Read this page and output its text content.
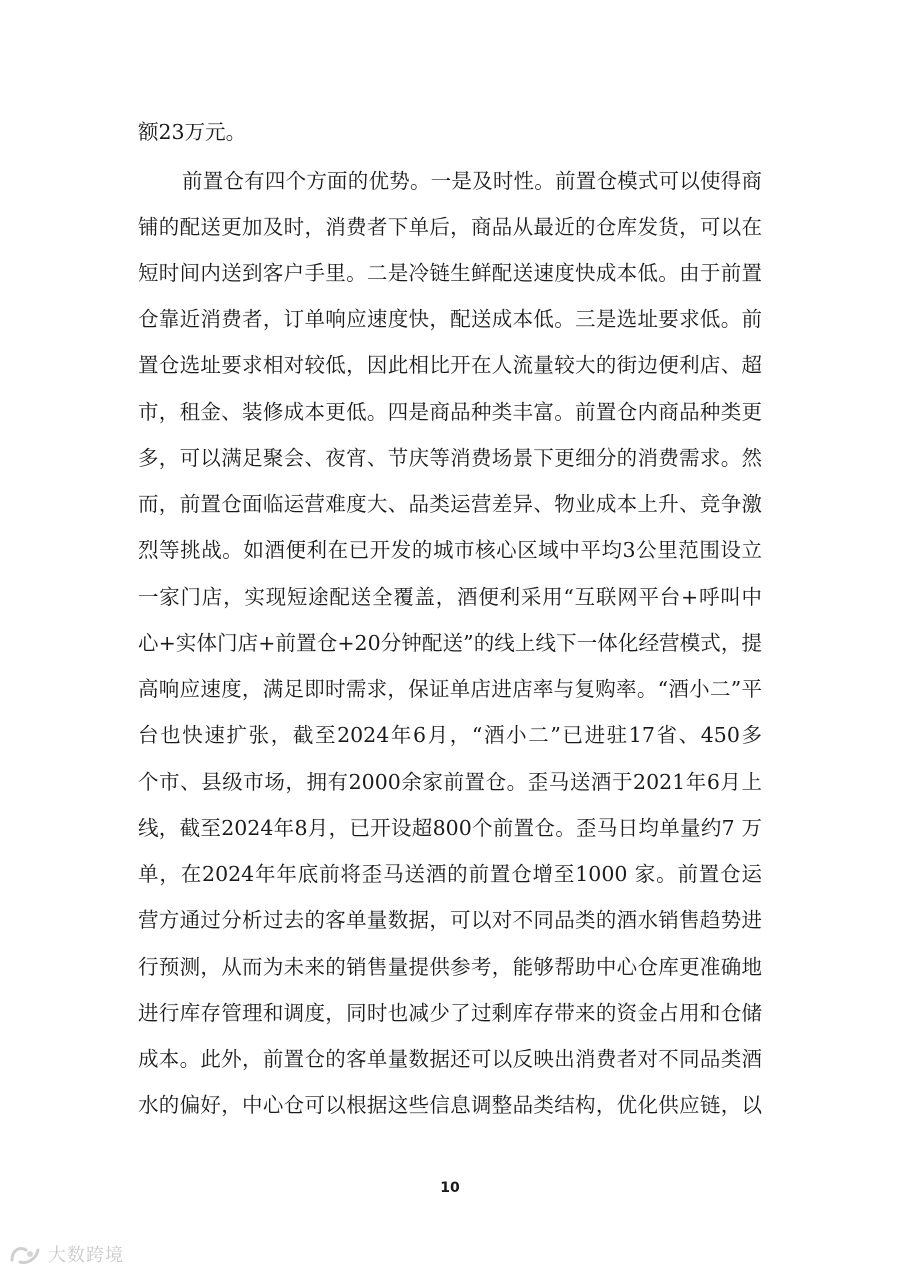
额23万元。
前置仓有四个方面的优势。一是及时性。前置仓模式可以使得商
铺的配送更加及时，消费者下单后，商品从最近的仓库发货，可以在
短时间内送到客户手里。二是冷链生鲜配送速度快成本低。由于前置
仓靠近消费者，订单响应速度快，配送成本低。三是选址要求低。前
置仓选址要求相对较低，因此相比开在人流量较大的街边便利店、超
市，租金、装修成本更低。四是商品种类丰富。前置仓内商品种类更
多，可以满足聚会、夜宵、节庆等消费场景下更细分的消费需求。然
而，前置仓面临运营难度大、品类运营差异、物业成本上升、竞争激
烈等挑战。如酒便利在已开发的城市核心区域中平均3公里范围设立
一家门店，实现短途配送全覆盖，酒便利采用“互联网平台+呼叫中
心+实体门店+前置仓+20分钟配送”的线上线下一体化经营模式，提
高响应速度，满足即时需求，保证单店进店率与复购率。“酒小二”平
台也快速扩张，截至2024年6月，“酒小二”已进驻17省、450多
个市、县级市场，拥有2000余家前置仓。歪马送酒于2021年6月上
线，截至2024年8月，已开设超800个前置仓。歪马日均单量约7 万
单，在2024年年底前将歪马送酒的前置仓增至1000 家。前置仓运
营方通过分析过去的客单量数据，可以对不同品类的酒水销售趋势进
行预测，从而为未来的销售量提供参考，能够帮助中心仓库更准确地
进行库存管理和调度，同时也减少了过剩库存带来的资金占用和仓储
成本。此外，前置仓的客单量数据还可以反映出消费者对不同品类酒
水的偏好，中心仓可以根据这些信息调整品类结构，优化供应链，以
10
大数跨境
